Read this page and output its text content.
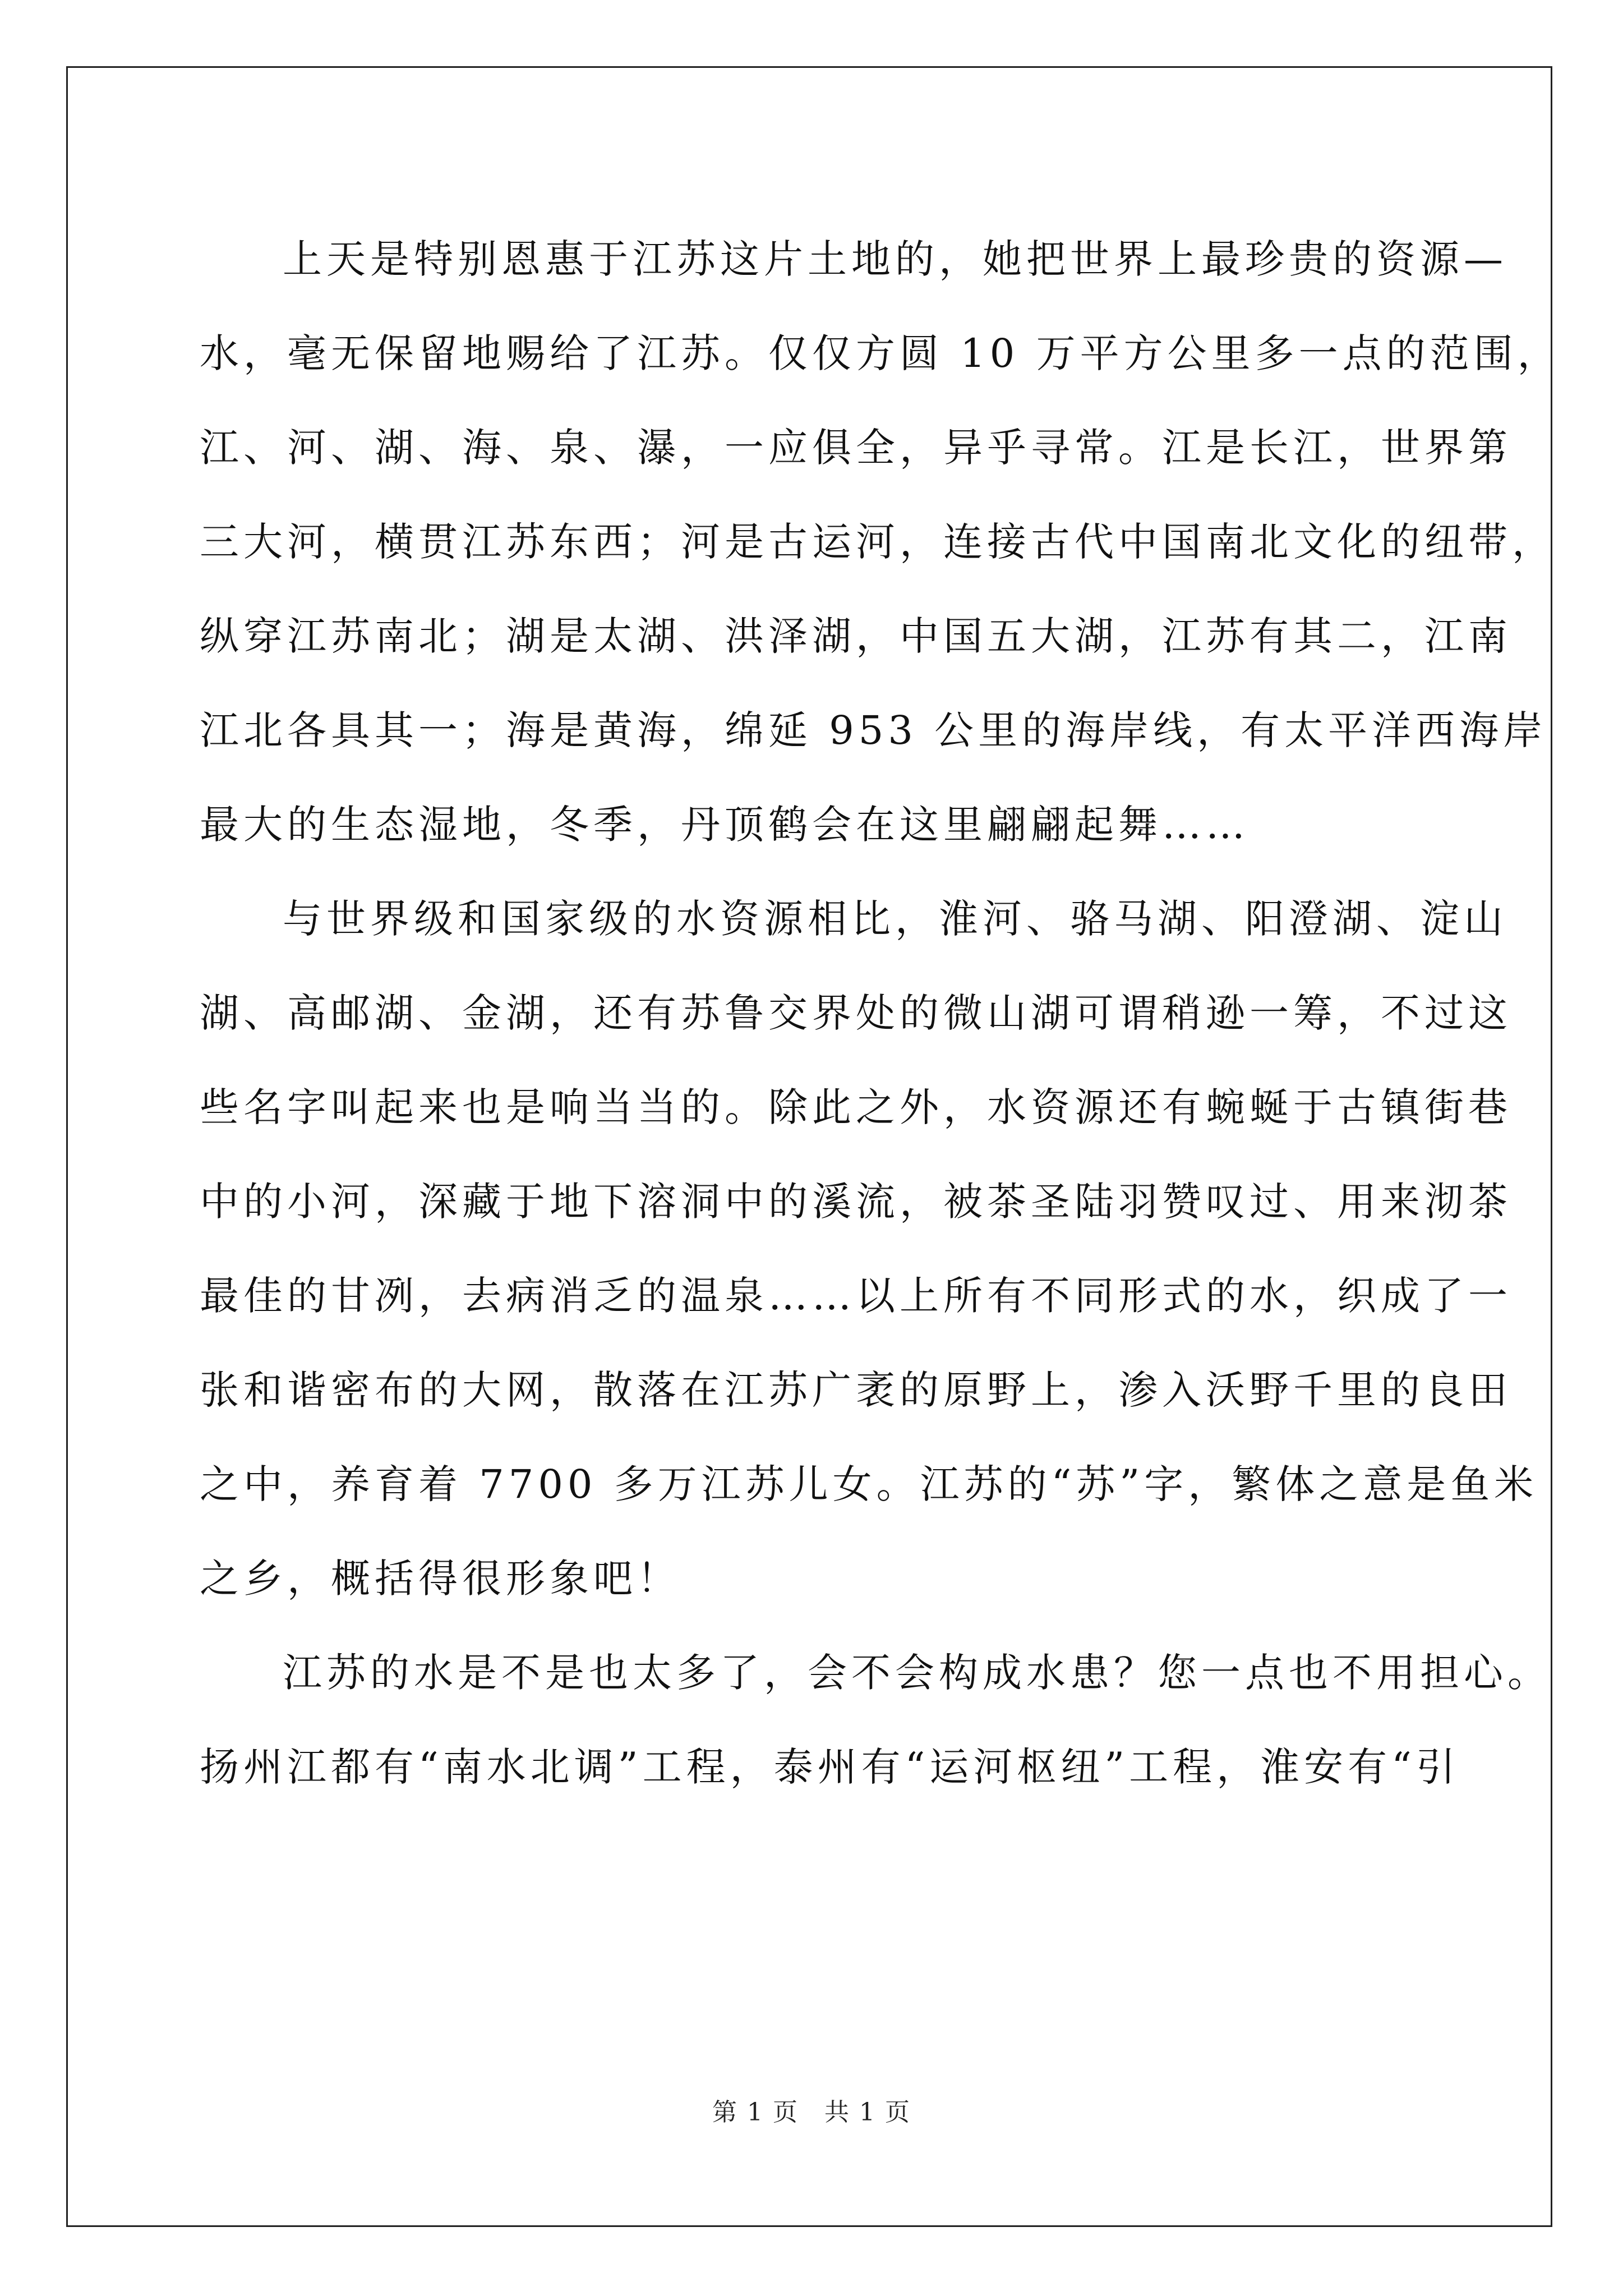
上天是特别恩惠于江苏这片土地的，她把世界上最珍贵的资源—
水，毫无保留地赐给了江苏。仅仅方圆 10 万平方公里多一点的范围，
江、河、湖、海、泉、瀑，一应俱全，异乎寻常。江是长江，世界第
三大河，横贯江苏东西；河是古运河，连接古代中国南北文化的纽带，
纵穿江苏南北；湖是太湖、洪泽湖，中国五大湖，江苏有其二，江南
江北各具其一；海是黄海，绵延 953 公里的海岸线，有太平洋西海岸
最大的生态湿地，冬季，丹顶鹤会在这里翩翩起舞……
与世界级和国家级的水资源相比，淮河、骆马湖、阳澄湖、淀山
湖、高邮湖、金湖，还有苏鲁交界处的微山湖可谓稍逊一筹，不过这
些名字叫起来也是响当当的。除此之外，水资源还有蜿蜒于古镇街巷
中的小河，深藏于地下溶洞中的溪流，被茶圣陆羽赞叹过、用来沏茶
最佳的甘冽，去病消乏的温泉……以上所有不同形式的水，织成了一
张和谐密布的大网，散落在江苏广袤的原野上，渗入沃野千里的良田
之中，养育着 7700 多万江苏儿女。江苏的“苏”字，繁体之意是鱼米
之乡，概括得很形象吧！
江苏的水是不是也太多了，会不会构成水患？您一点也不用担心。
扬州江都有“南水北调”工程，泰州有“运河枢纽”工程，淮安有“引
第 1 页　共 1 页
